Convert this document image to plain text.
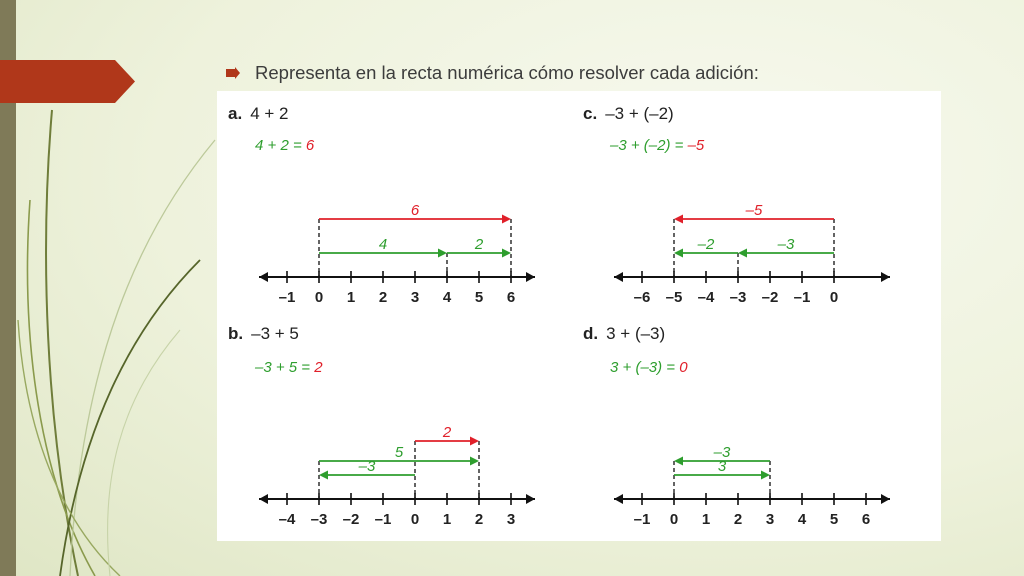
Representa en la recta numérica cómo resolver cada adición:
a. 4 + 2
4 + 2 = 6
b. –3 + 5
–3 + 5 = 2
c. –3 + (–2)
–3 + (–2) = –5
d. 3 + (–3)
3 + (–3) = 0
–1 0 1 2 3 4 5 6
4	2
6
–4 –3 –2 –1 0 1 2 3
–3
5
2
–6 –5 –4 –3 –2 –1 0
–3
–2
–5
–1 0 1 2 3 4 5 6
3
–3
